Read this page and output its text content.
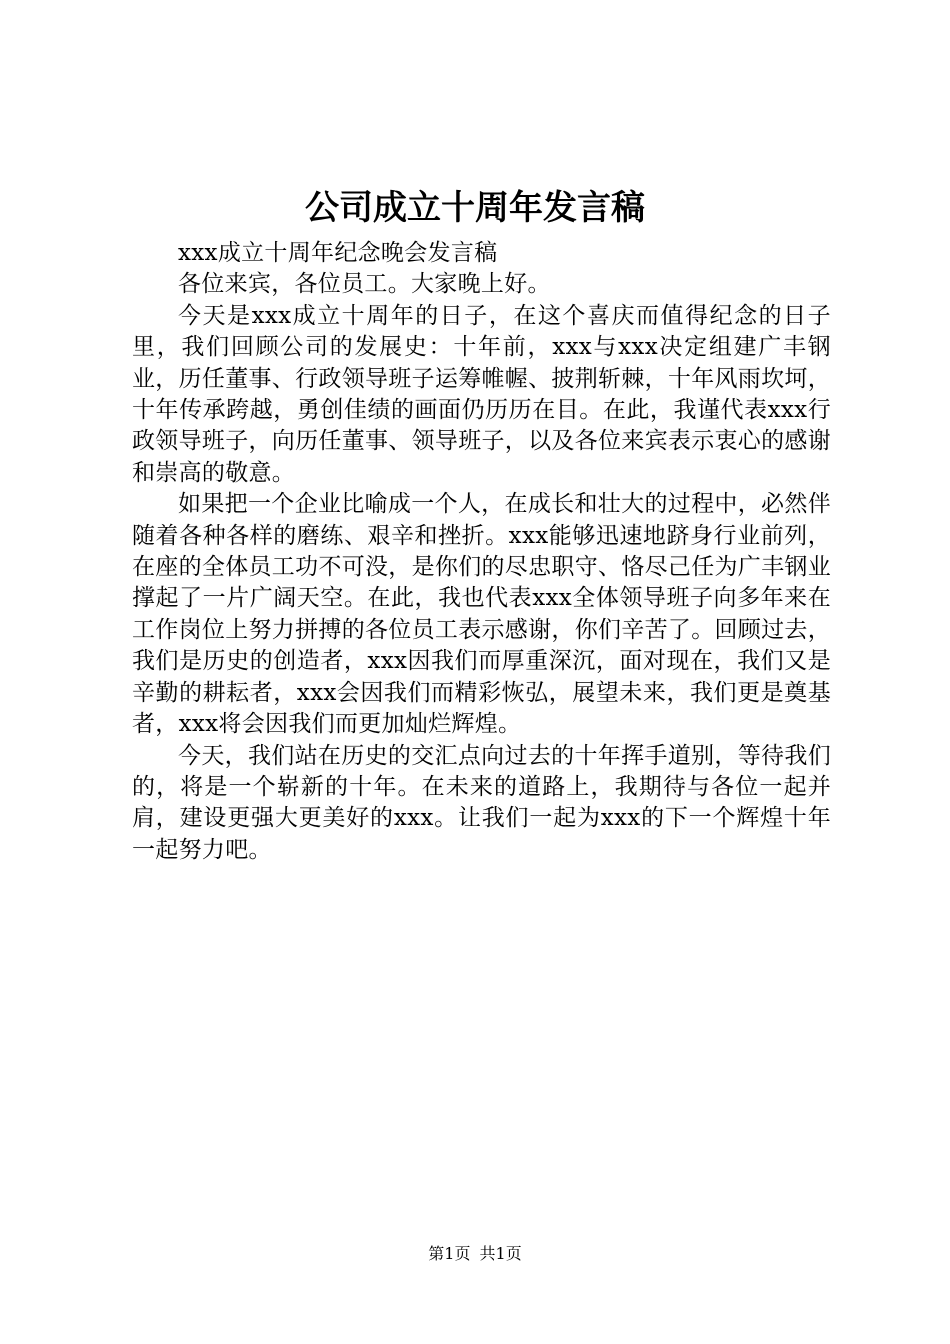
公司成立十周年发言稿

xxx成立十周年纪念晚会发言稿

各位来宾，各位员工。大家晚上好。

今天是xxx成立十周年的日子，在这个喜庆而值得纪念的日子里，我们回顾公司的发展史：十年前，xxx与xxx决定组建广丰钢业，历任董事、行政领导班子运筹帷幄、披荆斩棘，十年风雨坎坷，十年传承跨越，勇创佳绩的画面仍历历在目。在此，我谨代表xxx行政领导班子，向历任董事、领导班子，以及各位来宾表示衷心的感谢和崇高的敬意。

如果把一个企业比喻成一个人，在成长和壮大的过程中，必然伴随着各种各样的磨练、艰辛和挫折。xxx能够迅速地跻身行业前列，在座的全体员工功不可没，是你们的尽忠职守、恪尽己任为广丰钢业撑起了一片广阔天空。在此，我也代表xxx全体领导班子向多年来在工作岗位上努力拼搏的各位员工表示感谢，你们辛苦了。回顾过去，我们是历史的创造者，xxx因我们而厚重深沉，面对现在，我们又是辛勤的耕耘者，xxx会因我们而精彩恢弘，展望未来，我们更是奠基者，xxx将会因我们而更加灿烂辉煌。

今天，我们站在历史的交汇点向过去的十年挥手道别，等待我们的，将是一个崭新的十年。在未来的道路上，我期待与各位一起并肩，建设更强大更美好的xxx。让我们一起为xxx的下一个辉煌十年一起努力吧。

第1页 共1页
